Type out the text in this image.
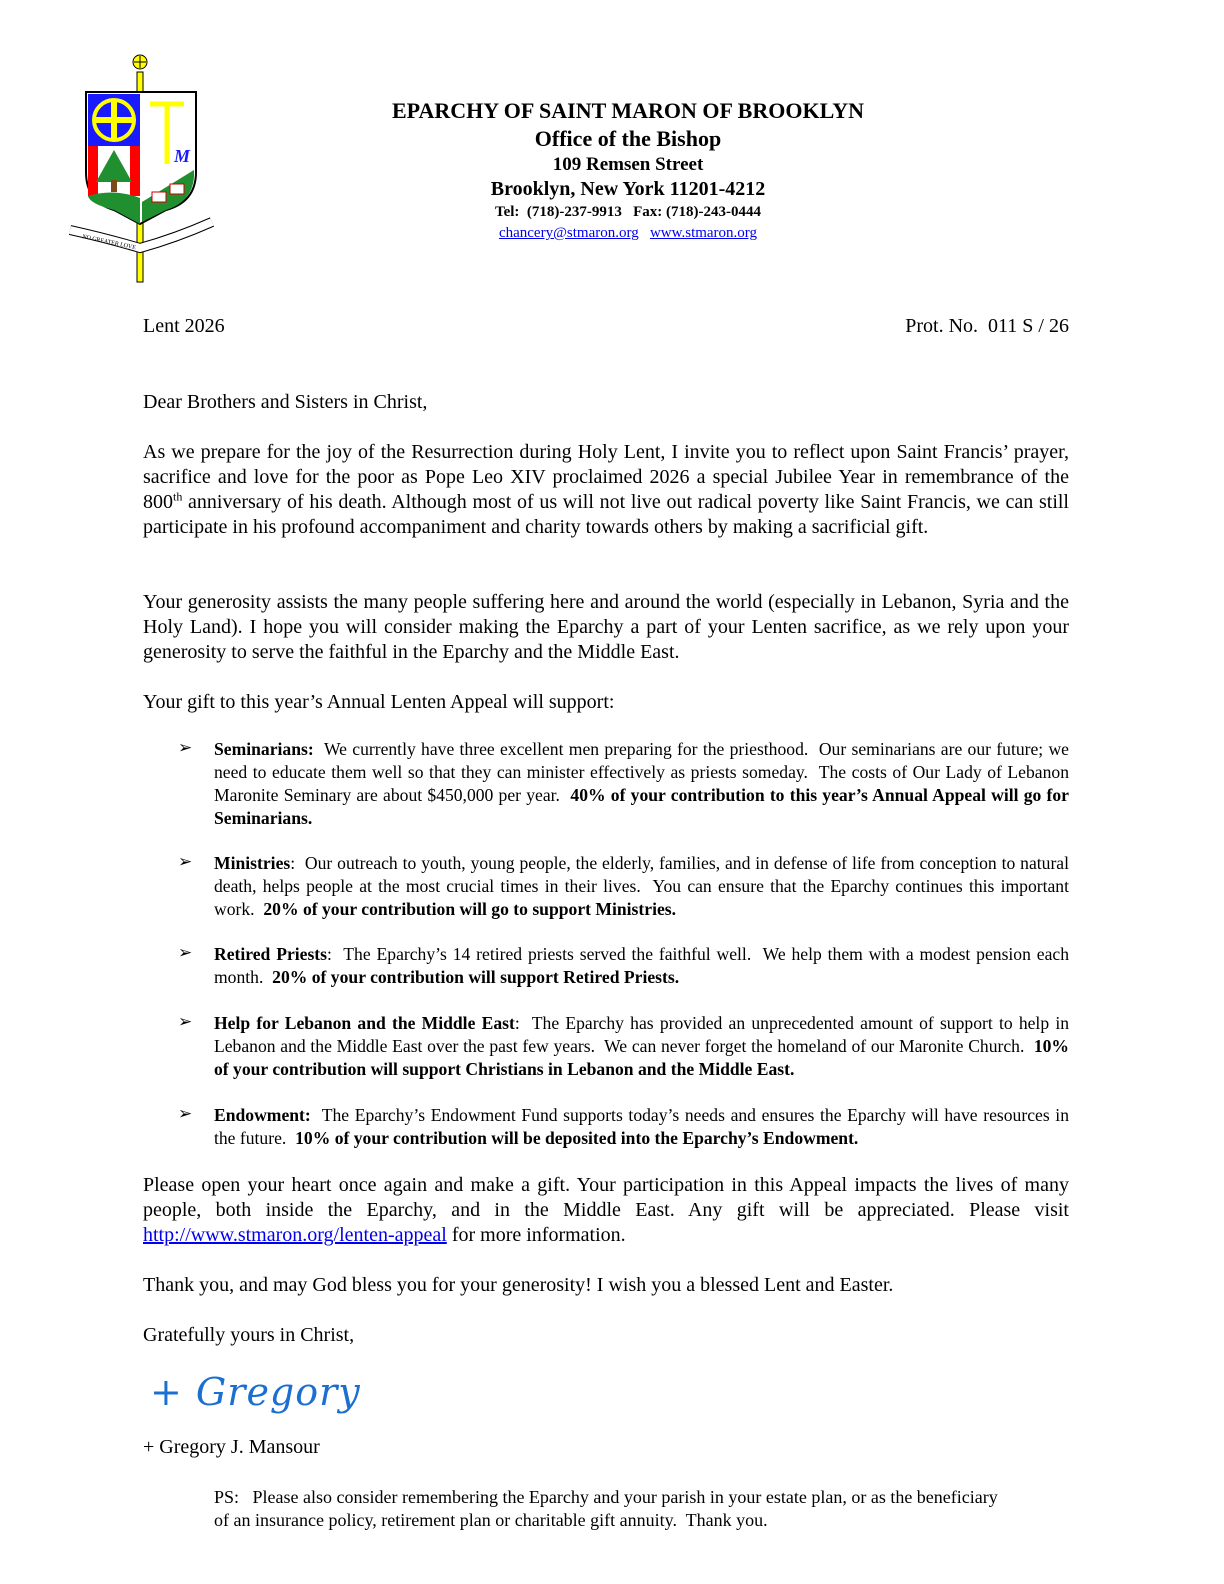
M
NO GREATER LOVE
EPARCHY OF SAINT MARON OF BROOKLYN
Office of the Bishop
109 Remsen Street
Brooklyn, New York 11201-4212
Tel:  (718)-237-9913   Fax: (718)-243-0444
chancery@stmaron.org www.stmaron.org
Lent 2026	Prot. No.  011 S / 26
Dear Brothers and Sisters in Christ,
As we prepare for the joy of the Resurrection during Holy Lent, I invite you to reflect upon Saint Francis’ prayer, sacrifice and love for the poor as Pope Leo XIV proclaimed 2026 a special Jubilee Year in remembrance of the 800th anniversary of his death. Although most of us will not live out radical poverty like Saint Francis, we can still participate in his profound accompaniment and charity towards others by making a sacrificial gift.
Your generosity assists the many people suffering here and around the world (especially in Lebanon, Syria and the Holy Land). I hope you will consider making the Eparchy a part of your Lenten sacrifice, as we rely upon your generosity to serve the faithful in the Eparchy and the Middle East.
Your gift to this year’s Annual Lenten Appeal will support:
➢ Seminarians:  We currently have three excellent men preparing for the priesthood.  Our seminarians are our future; we need to educate them well so that they can minister effectively as priests someday.  The costs of Our Lady of Lebanon Maronite Seminary are about $450,000 per year.  40% of your contribution to this year’s Annual Appeal will go for Seminarians.
➢ Ministries:  Our outreach to youth, young people, the elderly, families, and in defense of life from conception to natural death, helps people at the most crucial times in their lives.  You can ensure that the Eparchy continues this important work.  20% of your contribution will go to support Ministries.
➢ Retired Priests:  The Eparchy’s 14 retired priests served the faithful well.  We help them with a modest pension each month.  20% of your contribution will support Retired Priests.
➢ Help for Lebanon and the Middle East:  The Eparchy has provided an unprecedented amount of support to help in Lebanon and the Middle East over the past few years.  We can never forget the homeland of our Maronite Church.  10% of your contribution will support Christians in Lebanon and the Middle East.
➢ Endowment:  The Eparchy’s Endowment Fund supports today’s needs and ensures the Eparchy will have resources in the future.  10% of your contribution will be deposited into the Eparchy’s Endowment.
Please open your heart once again and make a gift. Your participation in this Appeal impacts the lives of many people, both inside the Eparchy, and in the Middle East. Any gift will be appreciated. Please visit http://www.stmaron.org/lenten-appeal for more information.
Thank you, and may God bless you for your generosity! I wish you a blessed Lent and Easter.
Gratefully yours in Christ,
+ Gregory
+ Gregory J. Mansour
PS:   Please also consider remembering the Eparchy and your parish in your estate plan, or as the beneficiary of an insurance policy, retirement plan or charitable gift annuity.  Thank you.
